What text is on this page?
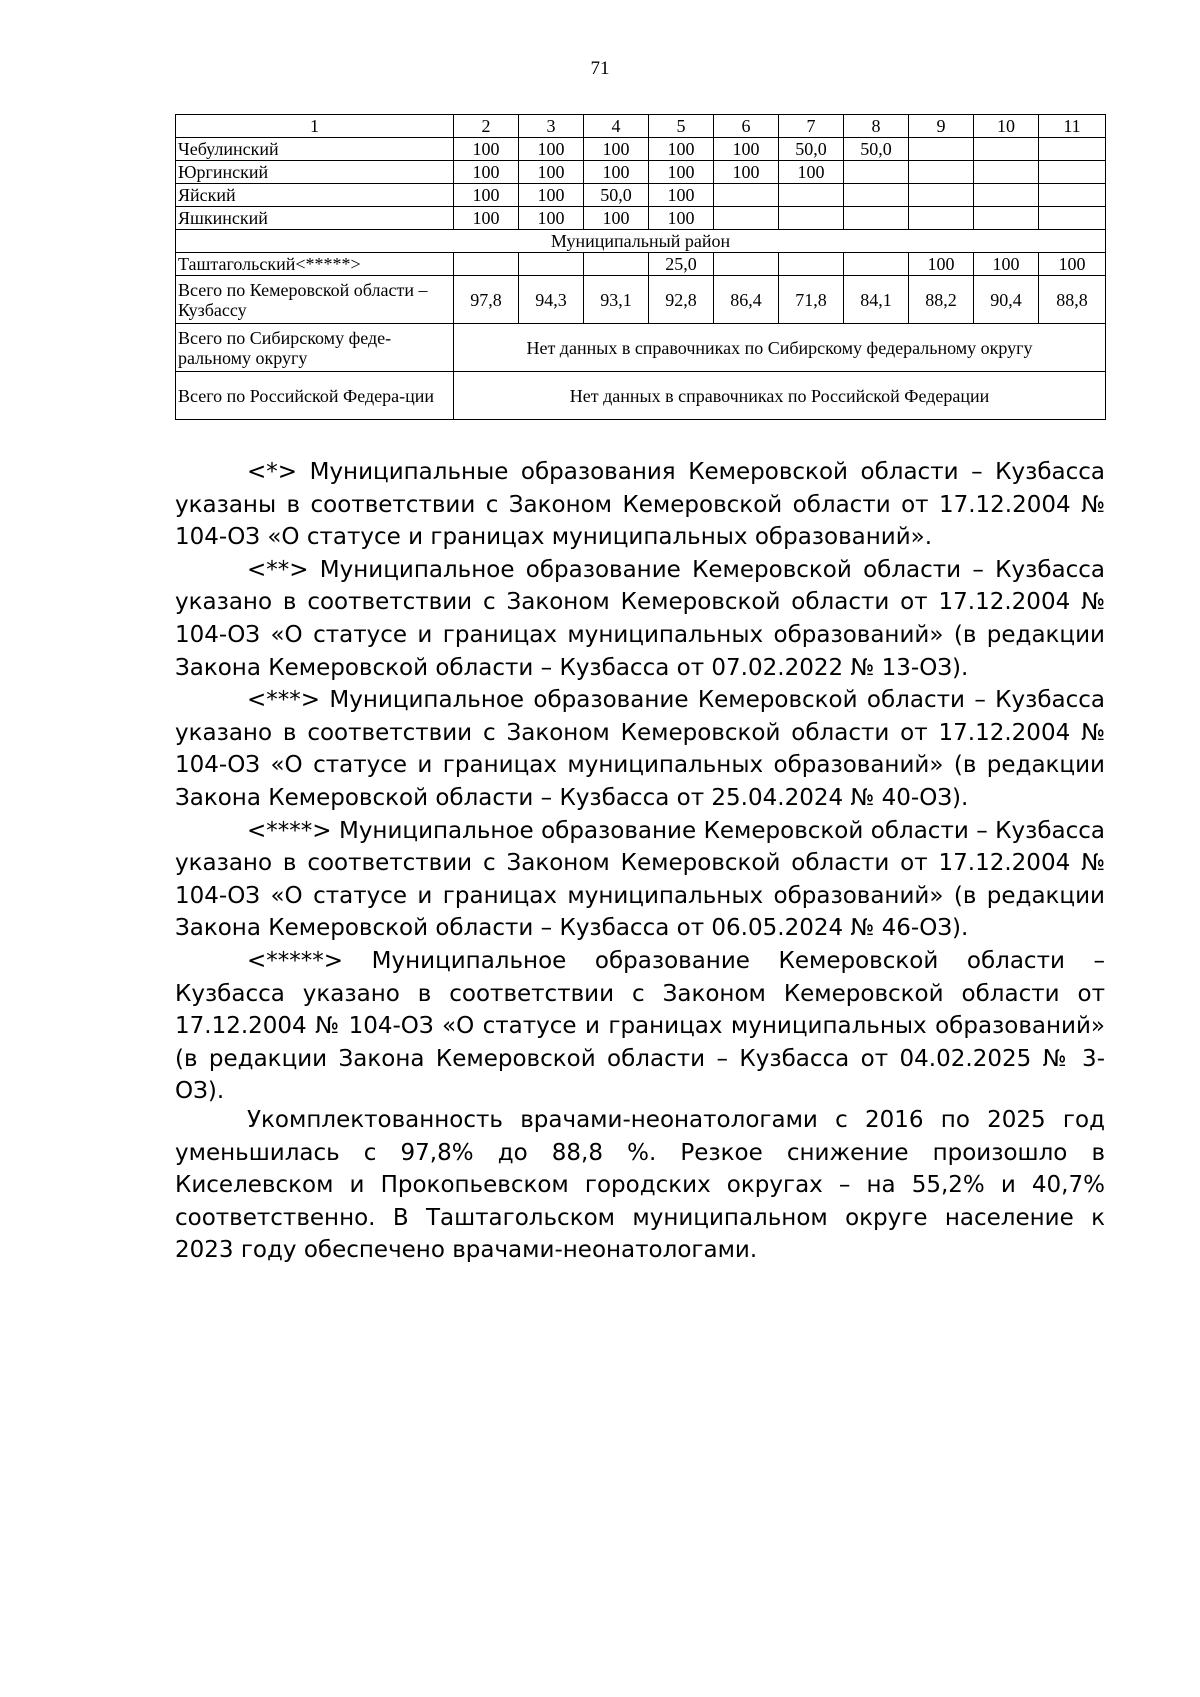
71
1	2	3	4	5	6	7	8	9	10	11
Чебулинский	100	100	100	100	100	50,0	50,0			
Юргинский	100	100	100	100	100	100				
Яйский	100	100	50,0	100						
Яшкинский	100	100	100	100						
Муниципальный район										
Таштагольский<*****>				25,0				100	100	100
Всего по Кемеровской области – Кузбассу	97,8	94,3	93,1	92,8	86,4	71,8	84,1	88,2	90,4	88,8
Всего по Сибирскому феде-ральному округу	Нет данных в справочниках по Сибирскому федеральному округу									
Всего по Российской Федера-ции	Нет данных в справочниках по Российской Федерации									

<*> Муниципальные образования Кемеровской области – Кузбасса указаны в соответствии с Законом Кемеровской области от 17.12.2004 № 104-ОЗ «О статусе и границах муниципальных образований».

<**> Муниципальное образование Кемеровской области – Кузбасса указано в соответствии с Законом Кемеровской области от 17.12.2004 № 104-ОЗ «О статусе и границах муниципальных образований» (в редакции Закона Кемеровской области – Кузбасса от 07.02.2022 № 13-ОЗ).

<***> Муниципальное образование Кемеровской области – Кузбасса указано в соответствии с Законом Кемеровской области от 17.12.2004 № 104-ОЗ «О статусе и границах муниципальных образований» (в редакции Закона Кемеровской области – Кузбасса от 25.04.2024 № 40-ОЗ).

<****> Муниципальное образование Кемеровской области – Кузбасса указано в соответствии с Законом Кемеровской области от 17.12.2004 № 104-ОЗ «О статусе и границах муниципальных образований» (в редакции Закона Кемеровской области – Кузбасса от 06.05.2024 № 46-ОЗ).

<*****> Муниципальное образование Кемеровской области – Кузбасса указано в соответствии с Законом Кемеровской области от 17.12.2004 № 104-ОЗ «О статусе и границах муниципальных образований» (в редакции Закона Кемеровской области – Кузбасса от 04.02.2025 № 3-ОЗ).

Укомплектованность врачами-неонатологами с 2016 по 2025 год уменьшилась с 97,8% до 88,8 %. Резкое снижение произошло в Киселевском и Прокопьевском городских округах – на 55,2% и 40,7% соответственно. В Таштагольском муниципальном округе население к 2023 году обеспечено врачами-неонатологами.
